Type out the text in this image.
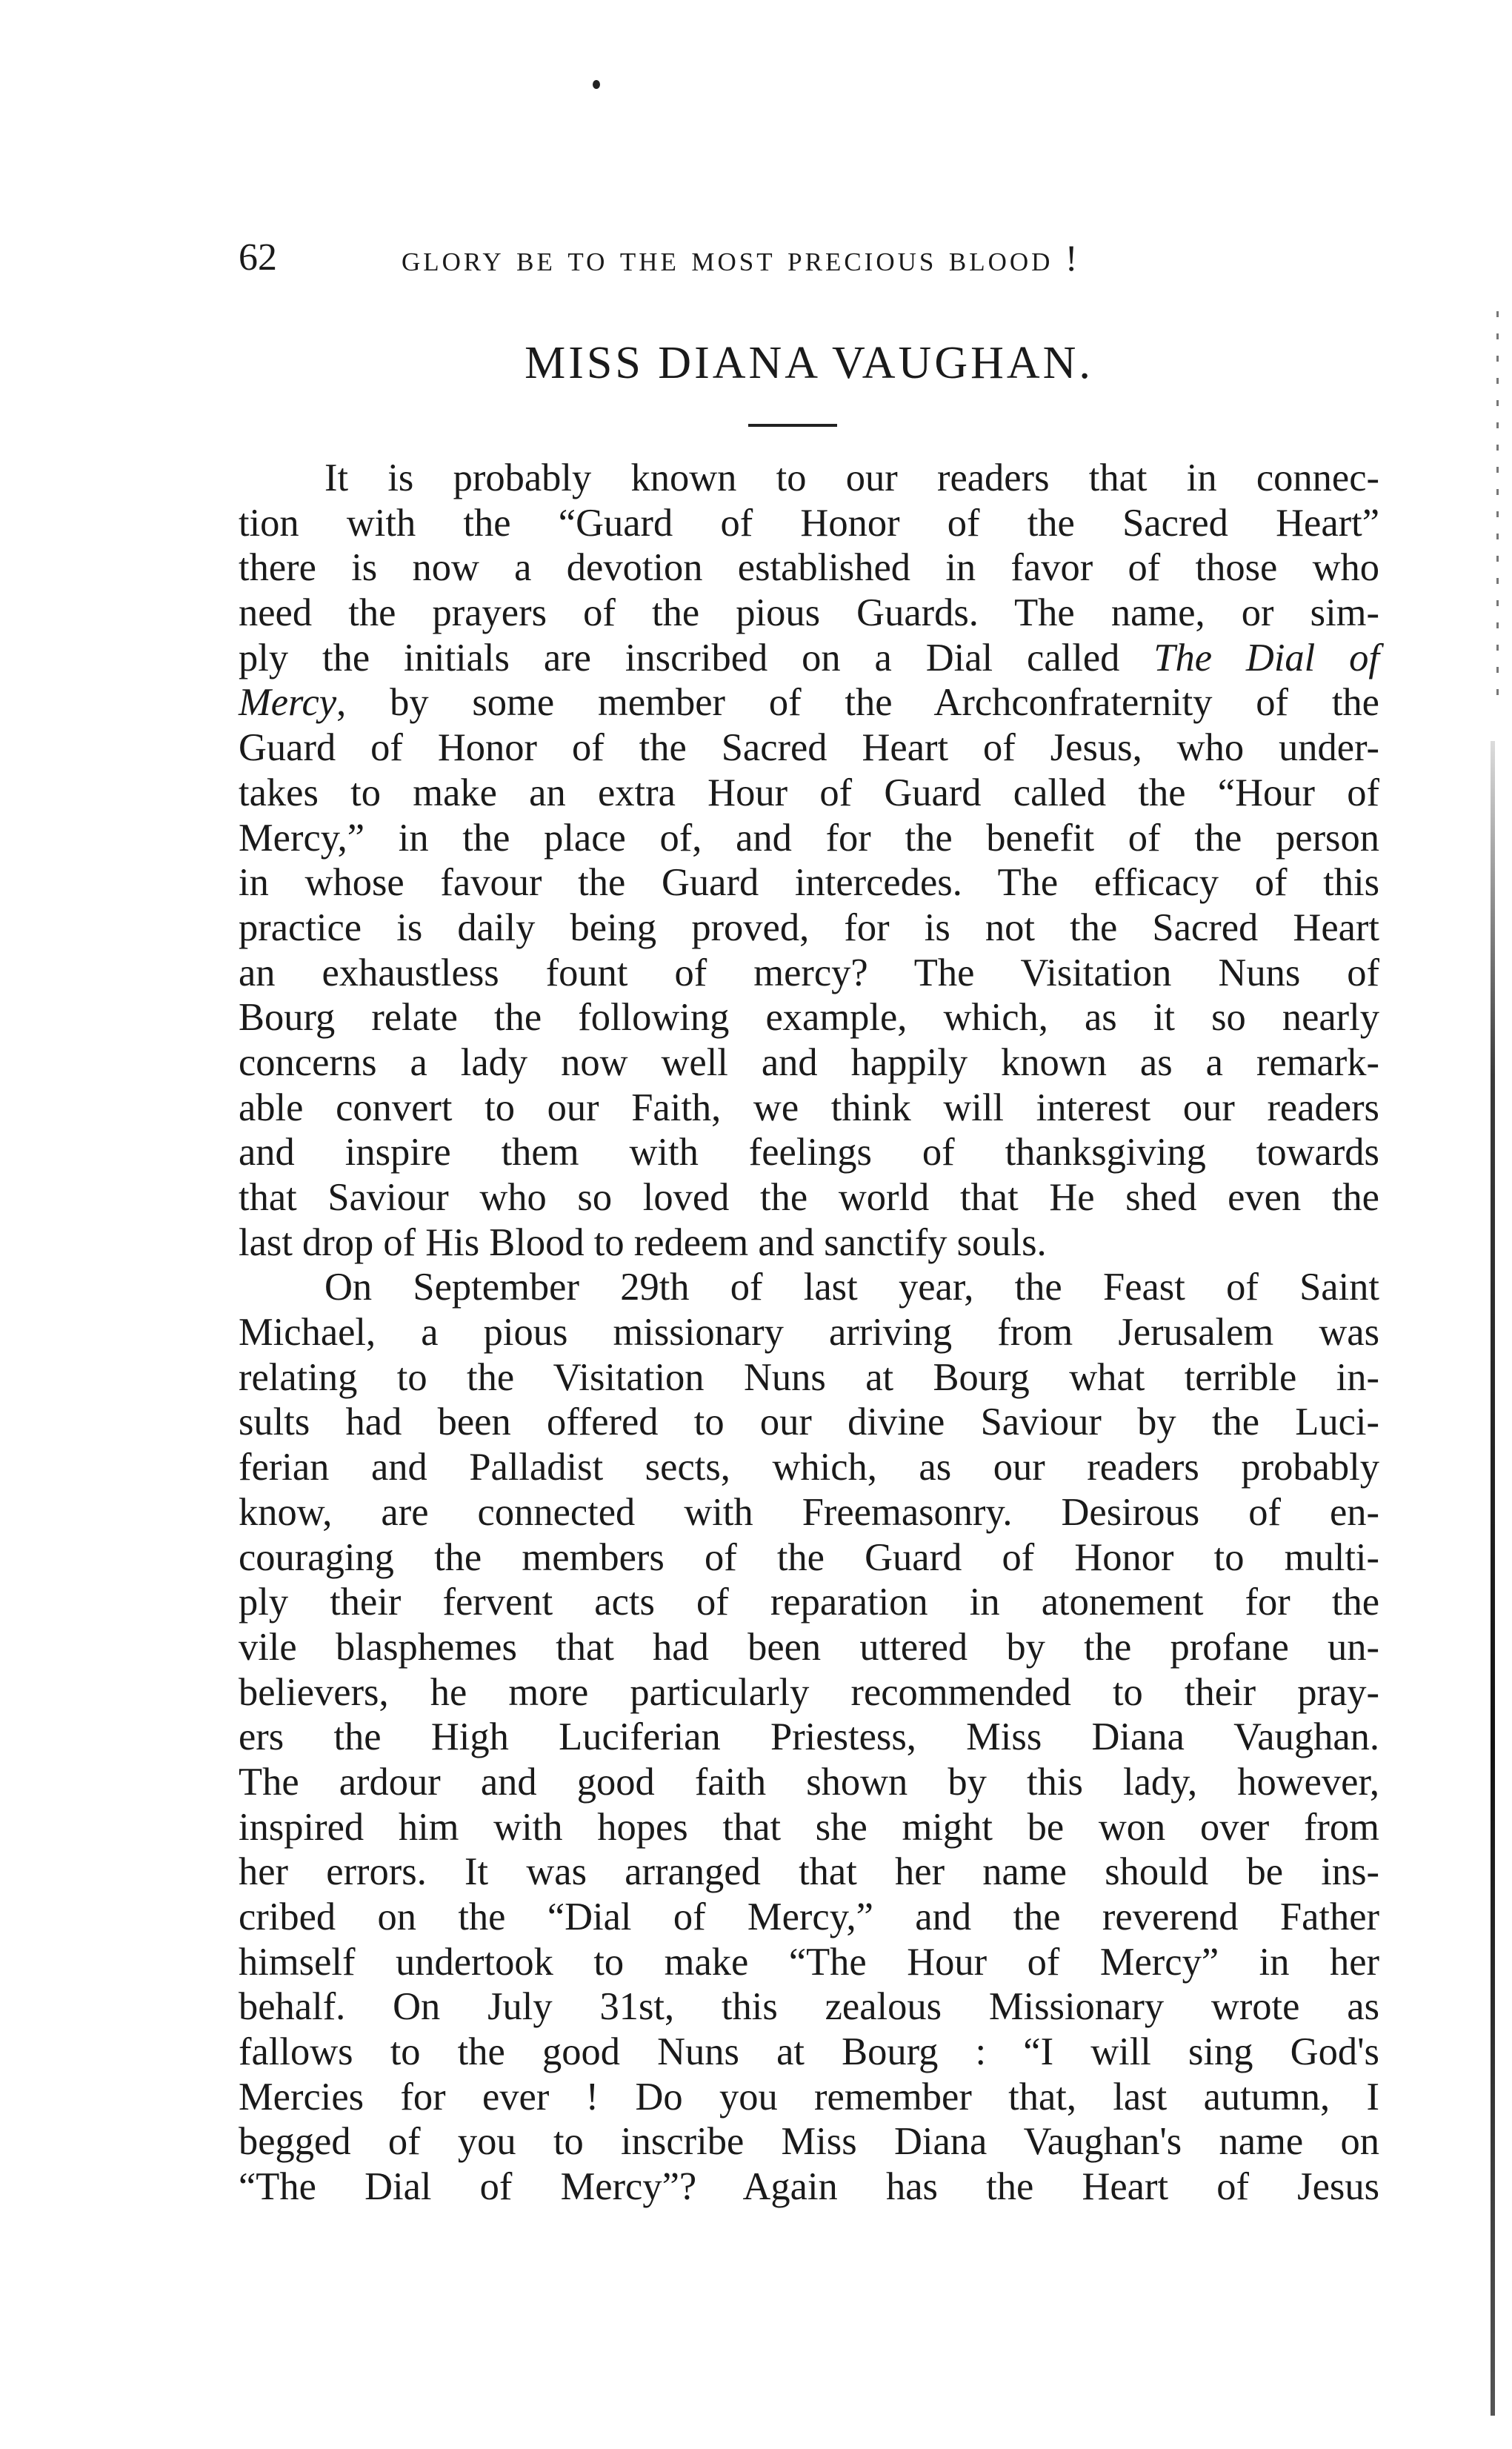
62	glory be to the most precious blood !
MISS DIANA VAUGHAN.
It is probably known to our readers that in connec-
tion with the “Guard of Honor of the Sacred Heart”
there is now a devotion established in favor of those who
need the prayers of the pious Guards. The name, or sim-
ply the initials are inscribed on a Dial called The Dial of
Mercy, by some member of the Archconfraternity of the
Guard of Honor of the Sacred Heart of Jesus, who under-
takes to make an extra Hour of Guard called the “Hour of
Mercy,” in the place of, and for the benefit of the person
in whose favour the Guard intercedes. The efficacy of this
practice is daily being proved, for is not the Sacred Heart
an exhaustless fount of mercy? The Visitation Nuns of
Bourg relate the following example, which, as it so nearly
concerns a lady now well and happily known as a remark-
able convert to our Faith, we think will interest our readers
and inspire them with feelings of thanksgiving towards
that Saviour who so loved the world that He shed even the
last drop of His Blood to redeem and sanctify souls.
On September 29th of last year, the Feast of Saint
Michael, a pious missionary arriving from Jerusalem was
relating to the Visitation Nuns at Bourg what terrible in-
sults had been offered to our divine Saviour by the Luci-
ferian and Palladist sects, which, as our readers probably
know, are connected with Freemasonry. Desirous of en-
couraging the members of the Guard of Honor to multi-
ply their fervent acts of reparation in atonement for the
vile blasphemes that had been uttered by the profane un-
believers, he more particularly recommended to their pray-
ers the High Luciferian Priestess, Miss Diana Vaughan.
The ardour and good faith shown by this lady, however,
inspired him with hopes that she might be won over from
her errors. It was arranged that her name should be ins-
cribed on the “Dial of Mercy,” and the reverend Father
himself undertook to make “The Hour of Mercy” in her
behalf. On July 31st, this zealous Missionary wrote as
fallows to the good Nuns at Bourg : “I will sing God's
Mercies for ever ! Do you remember that, last autumn, I
begged of you to inscribe Miss Diana Vaughan's name on
“The Dial of Mercy”? Again has the Heart of Jesus
